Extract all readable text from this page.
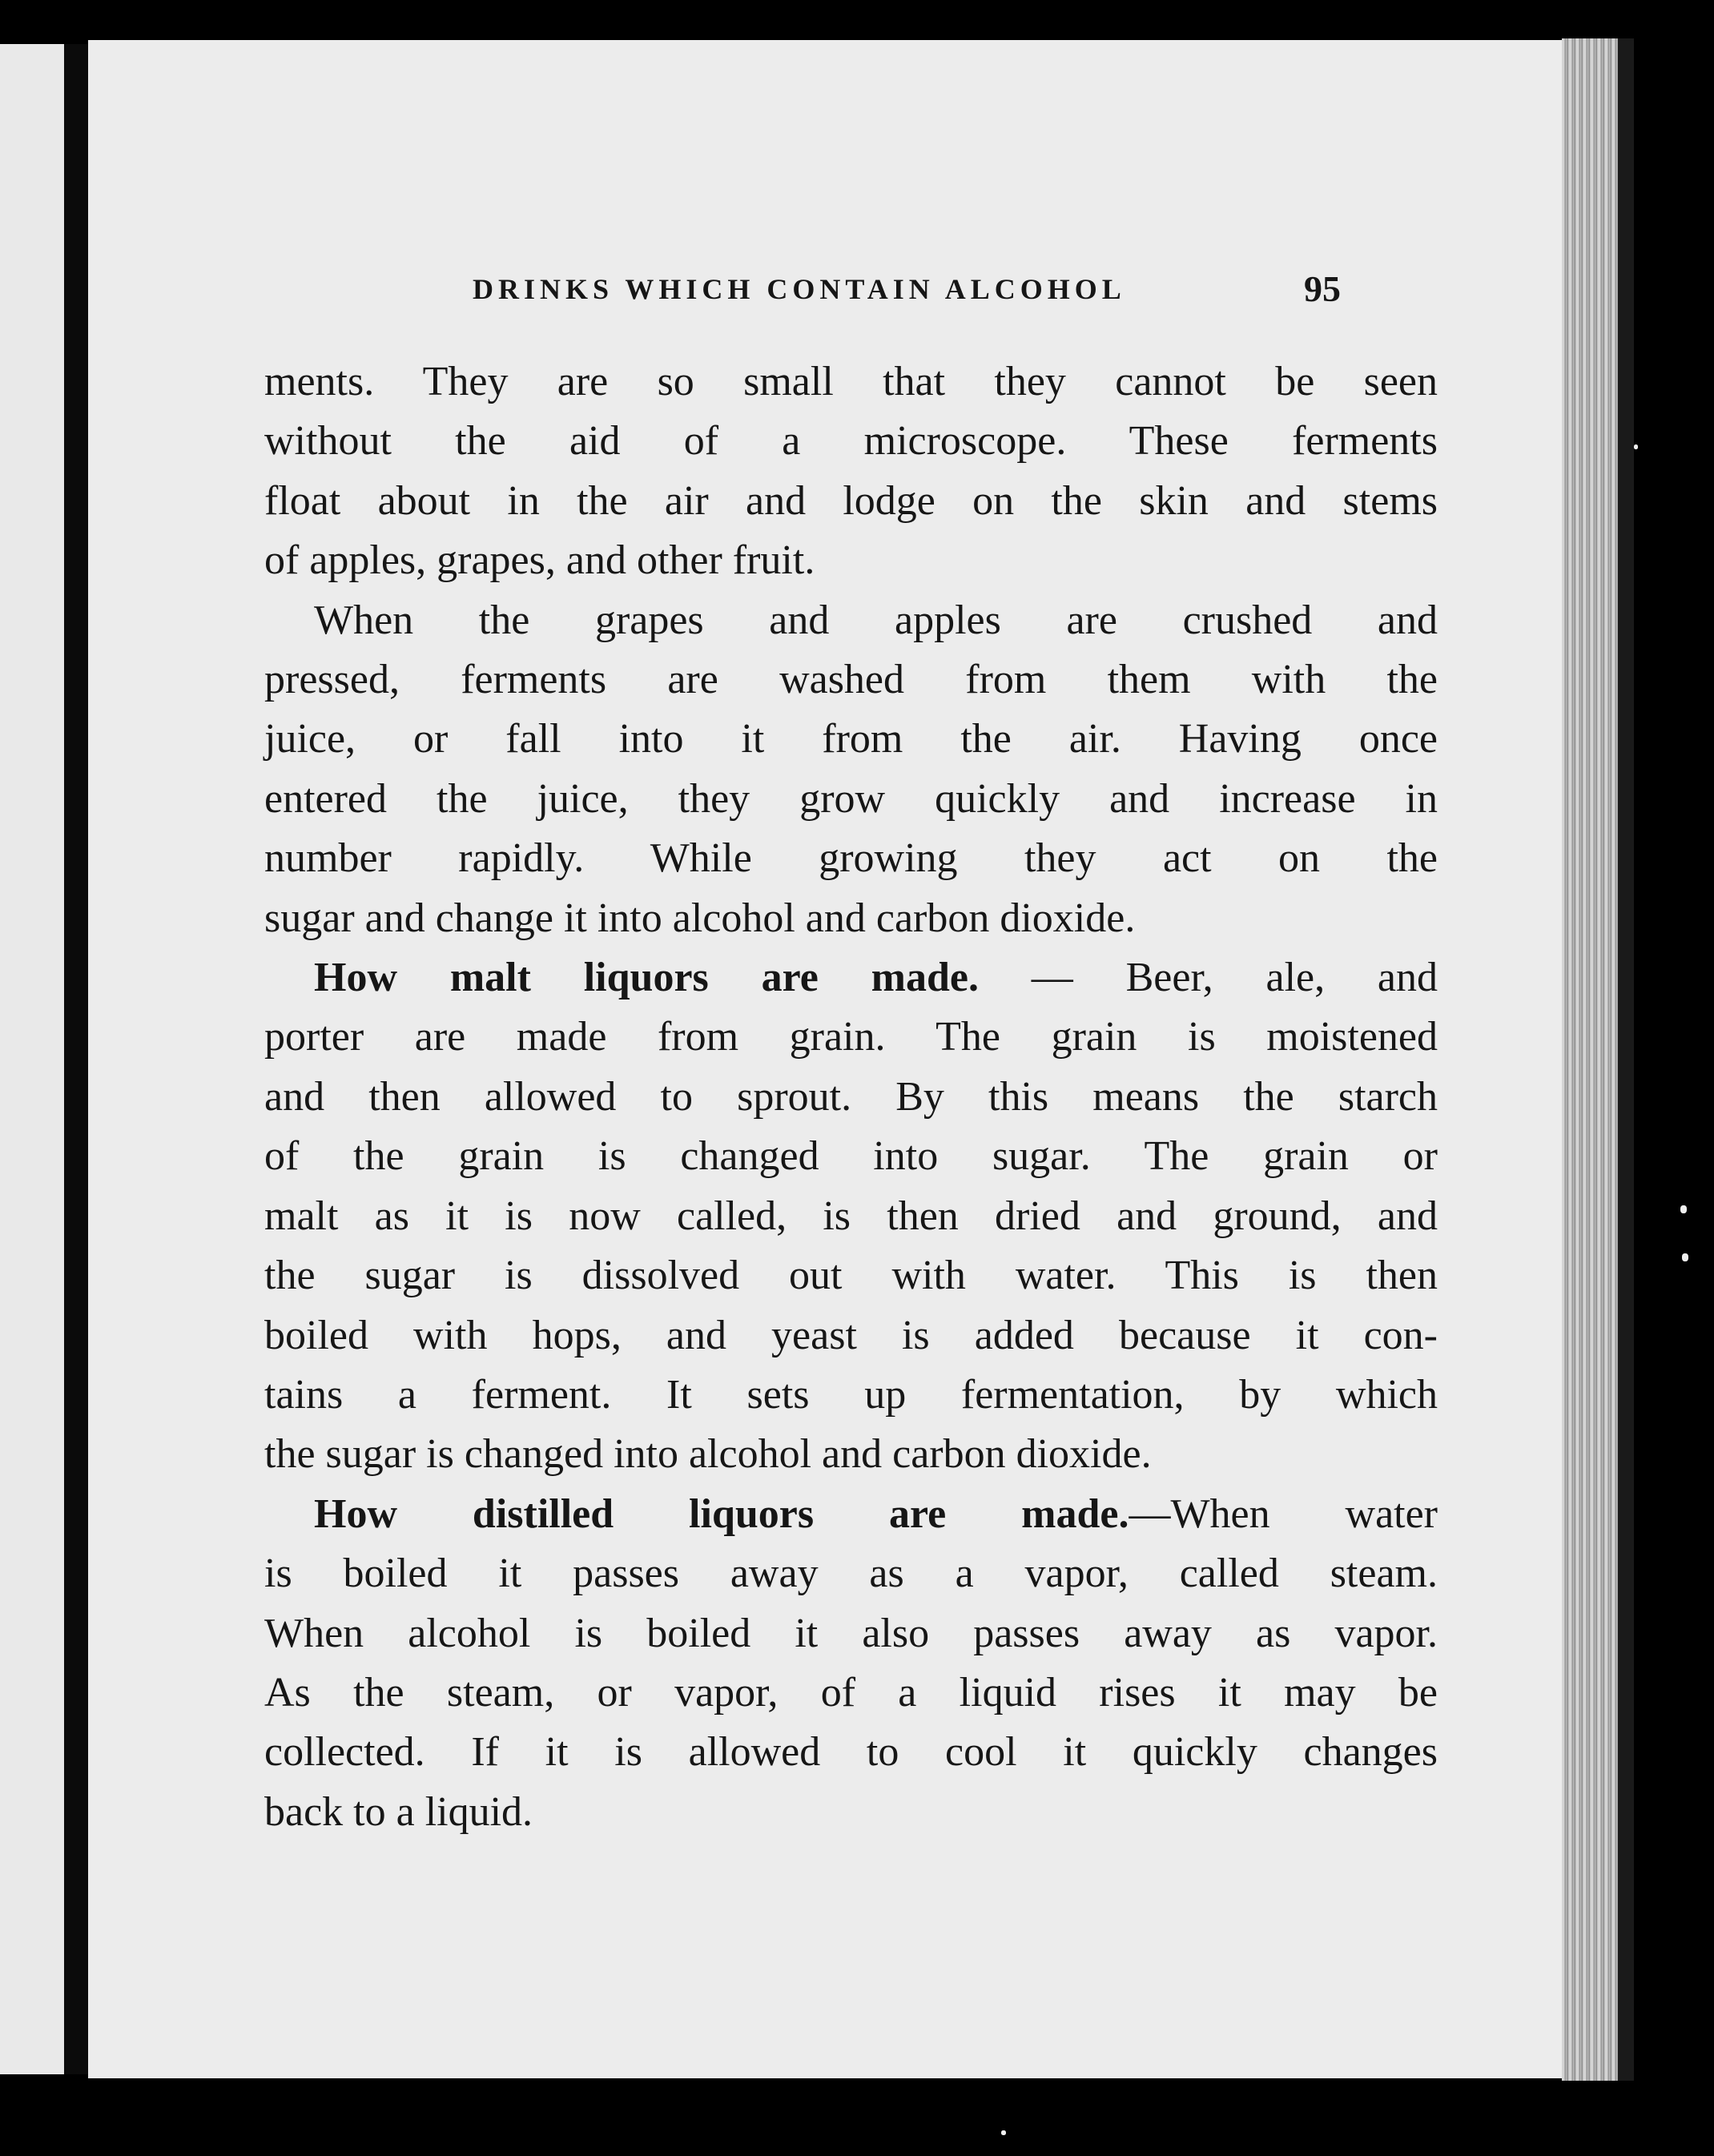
DRINKS WHICH CONTAIN ALCOHOL	95

ments. They are so small that they cannot be seen
without the aid of a microscope. These ferments
float about in the air and lodge on the skin and stems
of apples, grapes, and other fruit.

When the grapes and apples are crushed and
pressed, ferments are washed from them with the
juice, or fall into it from the air. Having once
entered the juice, they grow quickly and increase in
number rapidly. While growing they act on the
sugar and change it into alcohol and carbon dioxide.

How malt liquors are made. — Beer, ale, and
porter are made from grain. The grain is moistened
and then allowed to sprout. By this means the starch
of the grain is changed into sugar. The grain or
malt as it is now called, is then dried and ground, and
the sugar is dissolved out with water. This is then
boiled with hops, and yeast is added because it con-
tains a ferment. It sets up fermentation, by which
the sugar is changed into alcohol and carbon dioxide.

How distilled liquors are made.—When water
is boiled it passes away as a vapor, called steam.
When alcohol is boiled it also passes away as vapor.
As the steam, or vapor, of a liquid rises it may be
collected. If it is allowed to cool it quickly changes
back to a liquid.
